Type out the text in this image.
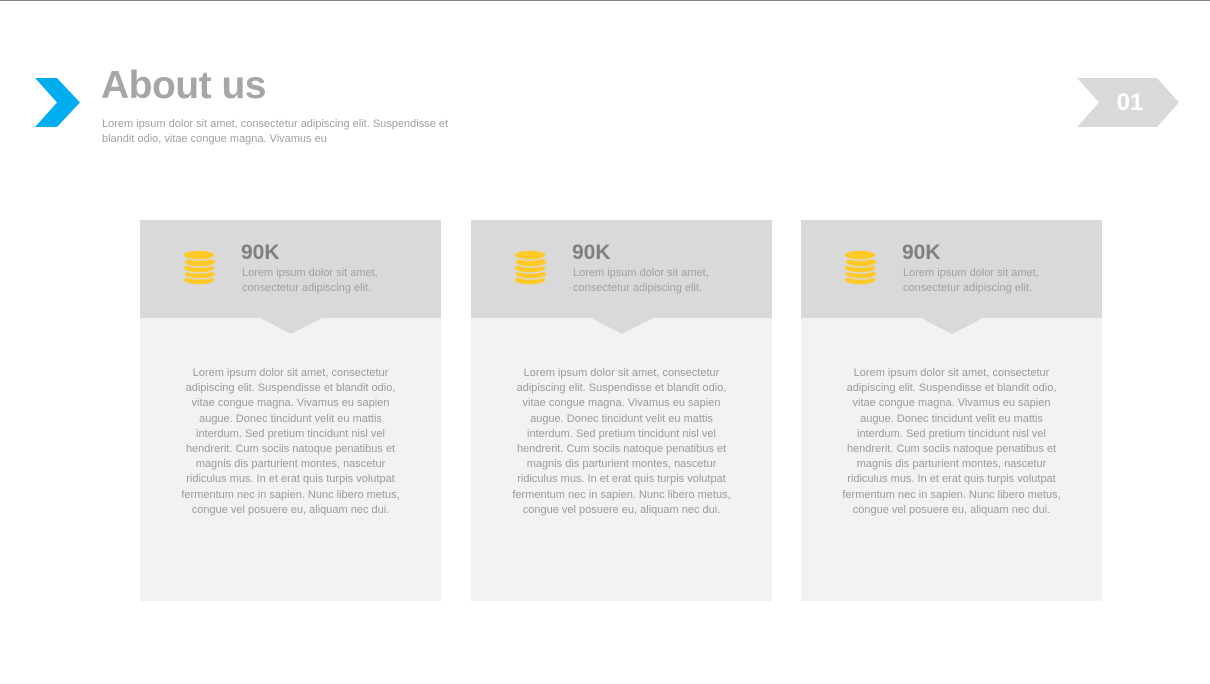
About us
Lorem ipsum dolor sit amet, consectetur adipiscing elit. Suspendisse et blandit odio, vitae congue magna. Vivamus eu
01
90K
Lorem ipsum dolor sit amet, consectetur adipiscing elit.
Lorem ipsum dolor sit amet, consectetur adipiscing elit. Suspendisse et blandit odio, vitae congue magna. Vivamus eu sapien augue. Donec tincidunt velit eu mattis interdum. Sed pretium tincidunt nisl vel hendrerit. Cum sociis natoque penatibus et magnis dis parturient montes, nascetur ridiculus mus. In et erat quis turpis volutpat fermentum nec in sapien. Nunc libero metus, congue vel posuere eu, aliquam nec dui.
90K
Lorem ipsum dolor sit amet, consectetur adipiscing elit.
Lorem ipsum dolor sit amet, consectetur adipiscing elit. Suspendisse et blandit odio, vitae congue magna. Vivamus eu sapien augue. Donec tincidunt velit eu mattis interdum. Sed pretium tincidunt nisl vel hendrerit. Cum sociis natoque penatibus et magnis dis parturient montes, nascetur ridiculus mus. In et erat quis turpis volutpat fermentum nec in sapien. Nunc libero metus, congue vel posuere eu, aliquam nec dui.
90K
Lorem ipsum dolor sit amet, consectetur adipiscing elit.
Lorem ipsum dolor sit amet, consectetur adipiscing elit. Suspendisse et blandit odio, vitae congue magna. Vivamus eu sapien augue. Donec tincidunt velit eu mattis interdum. Sed pretium tincidunt nisl vel hendrerit. Cum sociis natoque penatibus et magnis dis parturient montes, nascetur ridiculus mus. In et erat quis turpis volutpat fermentum nec in sapien. Nunc libero metus, congue vel posuere eu, aliquam nec dui.
